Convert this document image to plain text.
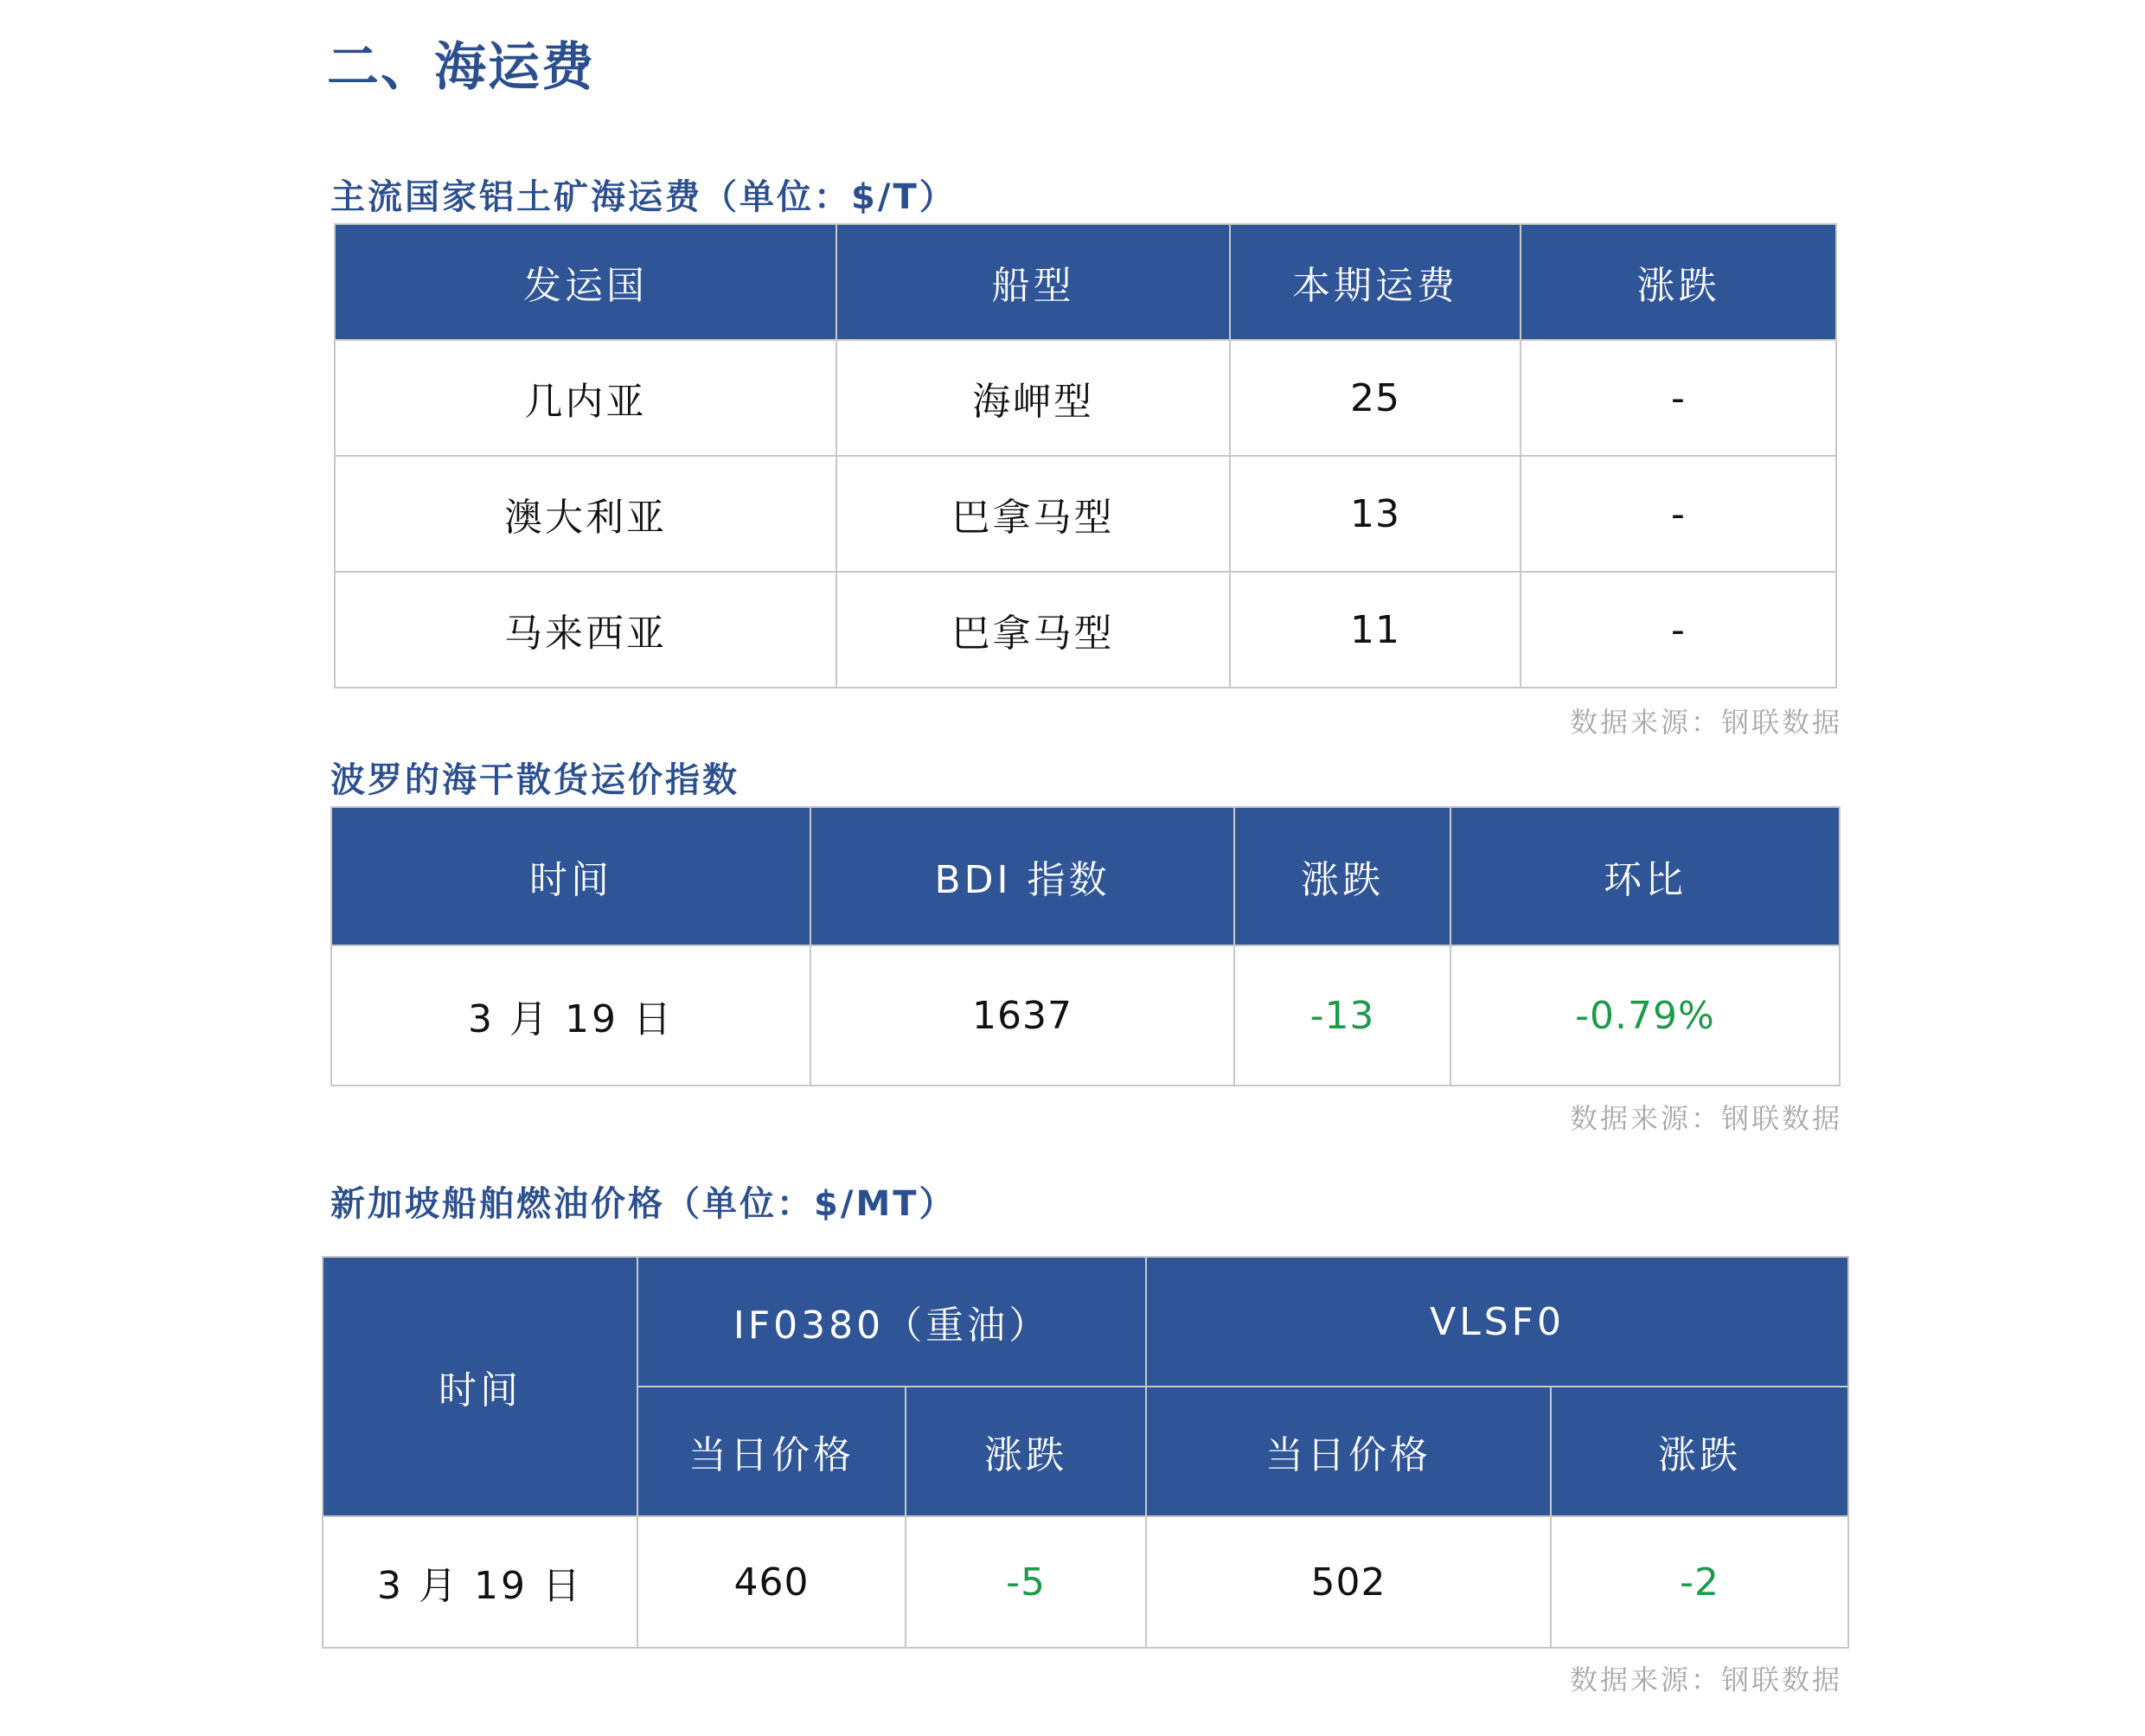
二、海运费
主流国家铝土矿海运费（单位：$/T）
发运国	船型	本期运费	涨跌
几内亚	海岬型	25	-
澳大利亚	巴拿马型	13	-
马来西亚	巴拿马型	11	-
数据来源：钢联数据
波罗的海干散货运价指数
时间	BDI 指数	涨跌	环比
3 月 19 日	1637	-13	-0.79%
数据来源：钢联数据
新加坡船舶燃油价格（单位：$/MT）
时间	IF0380（重油）		VLSF0	
	当日价格	涨跌	当日价格	涨跌
3 月 19 日	460	-5	502	-2
数据来源：钢联数据
